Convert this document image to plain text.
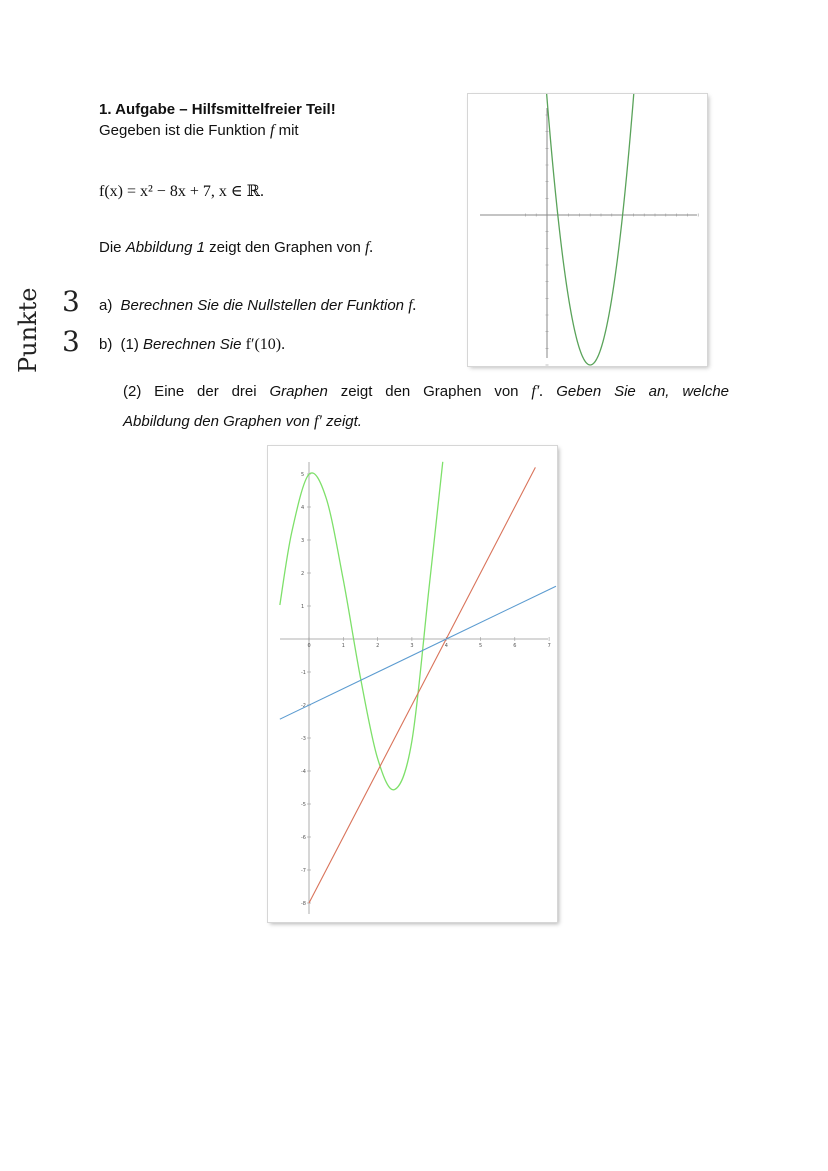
1. Aufgabe – Hilfsmittelfreier Teil!
Gegeben ist die Funktion f mit
f(x) = x² − 8x + 7, x ∈ ℝ.
Die Abbildung 1 zeigt den Graphen von f.
a) Berechnen Sie die Nullstellen der Funktion f.
b) (1) Berechnen Sie f′(10).
(2) Eine der drei Graphen zeigt den Graphen von f′. Geben Sie an, welche
Abbildung den Graphen von f′ zeigt.
Punkte 3
3
0	1	2	3	4	5	6	7
5
4
3
2
1
-1
-2
-3
-4
-5
-6
-7
-8
